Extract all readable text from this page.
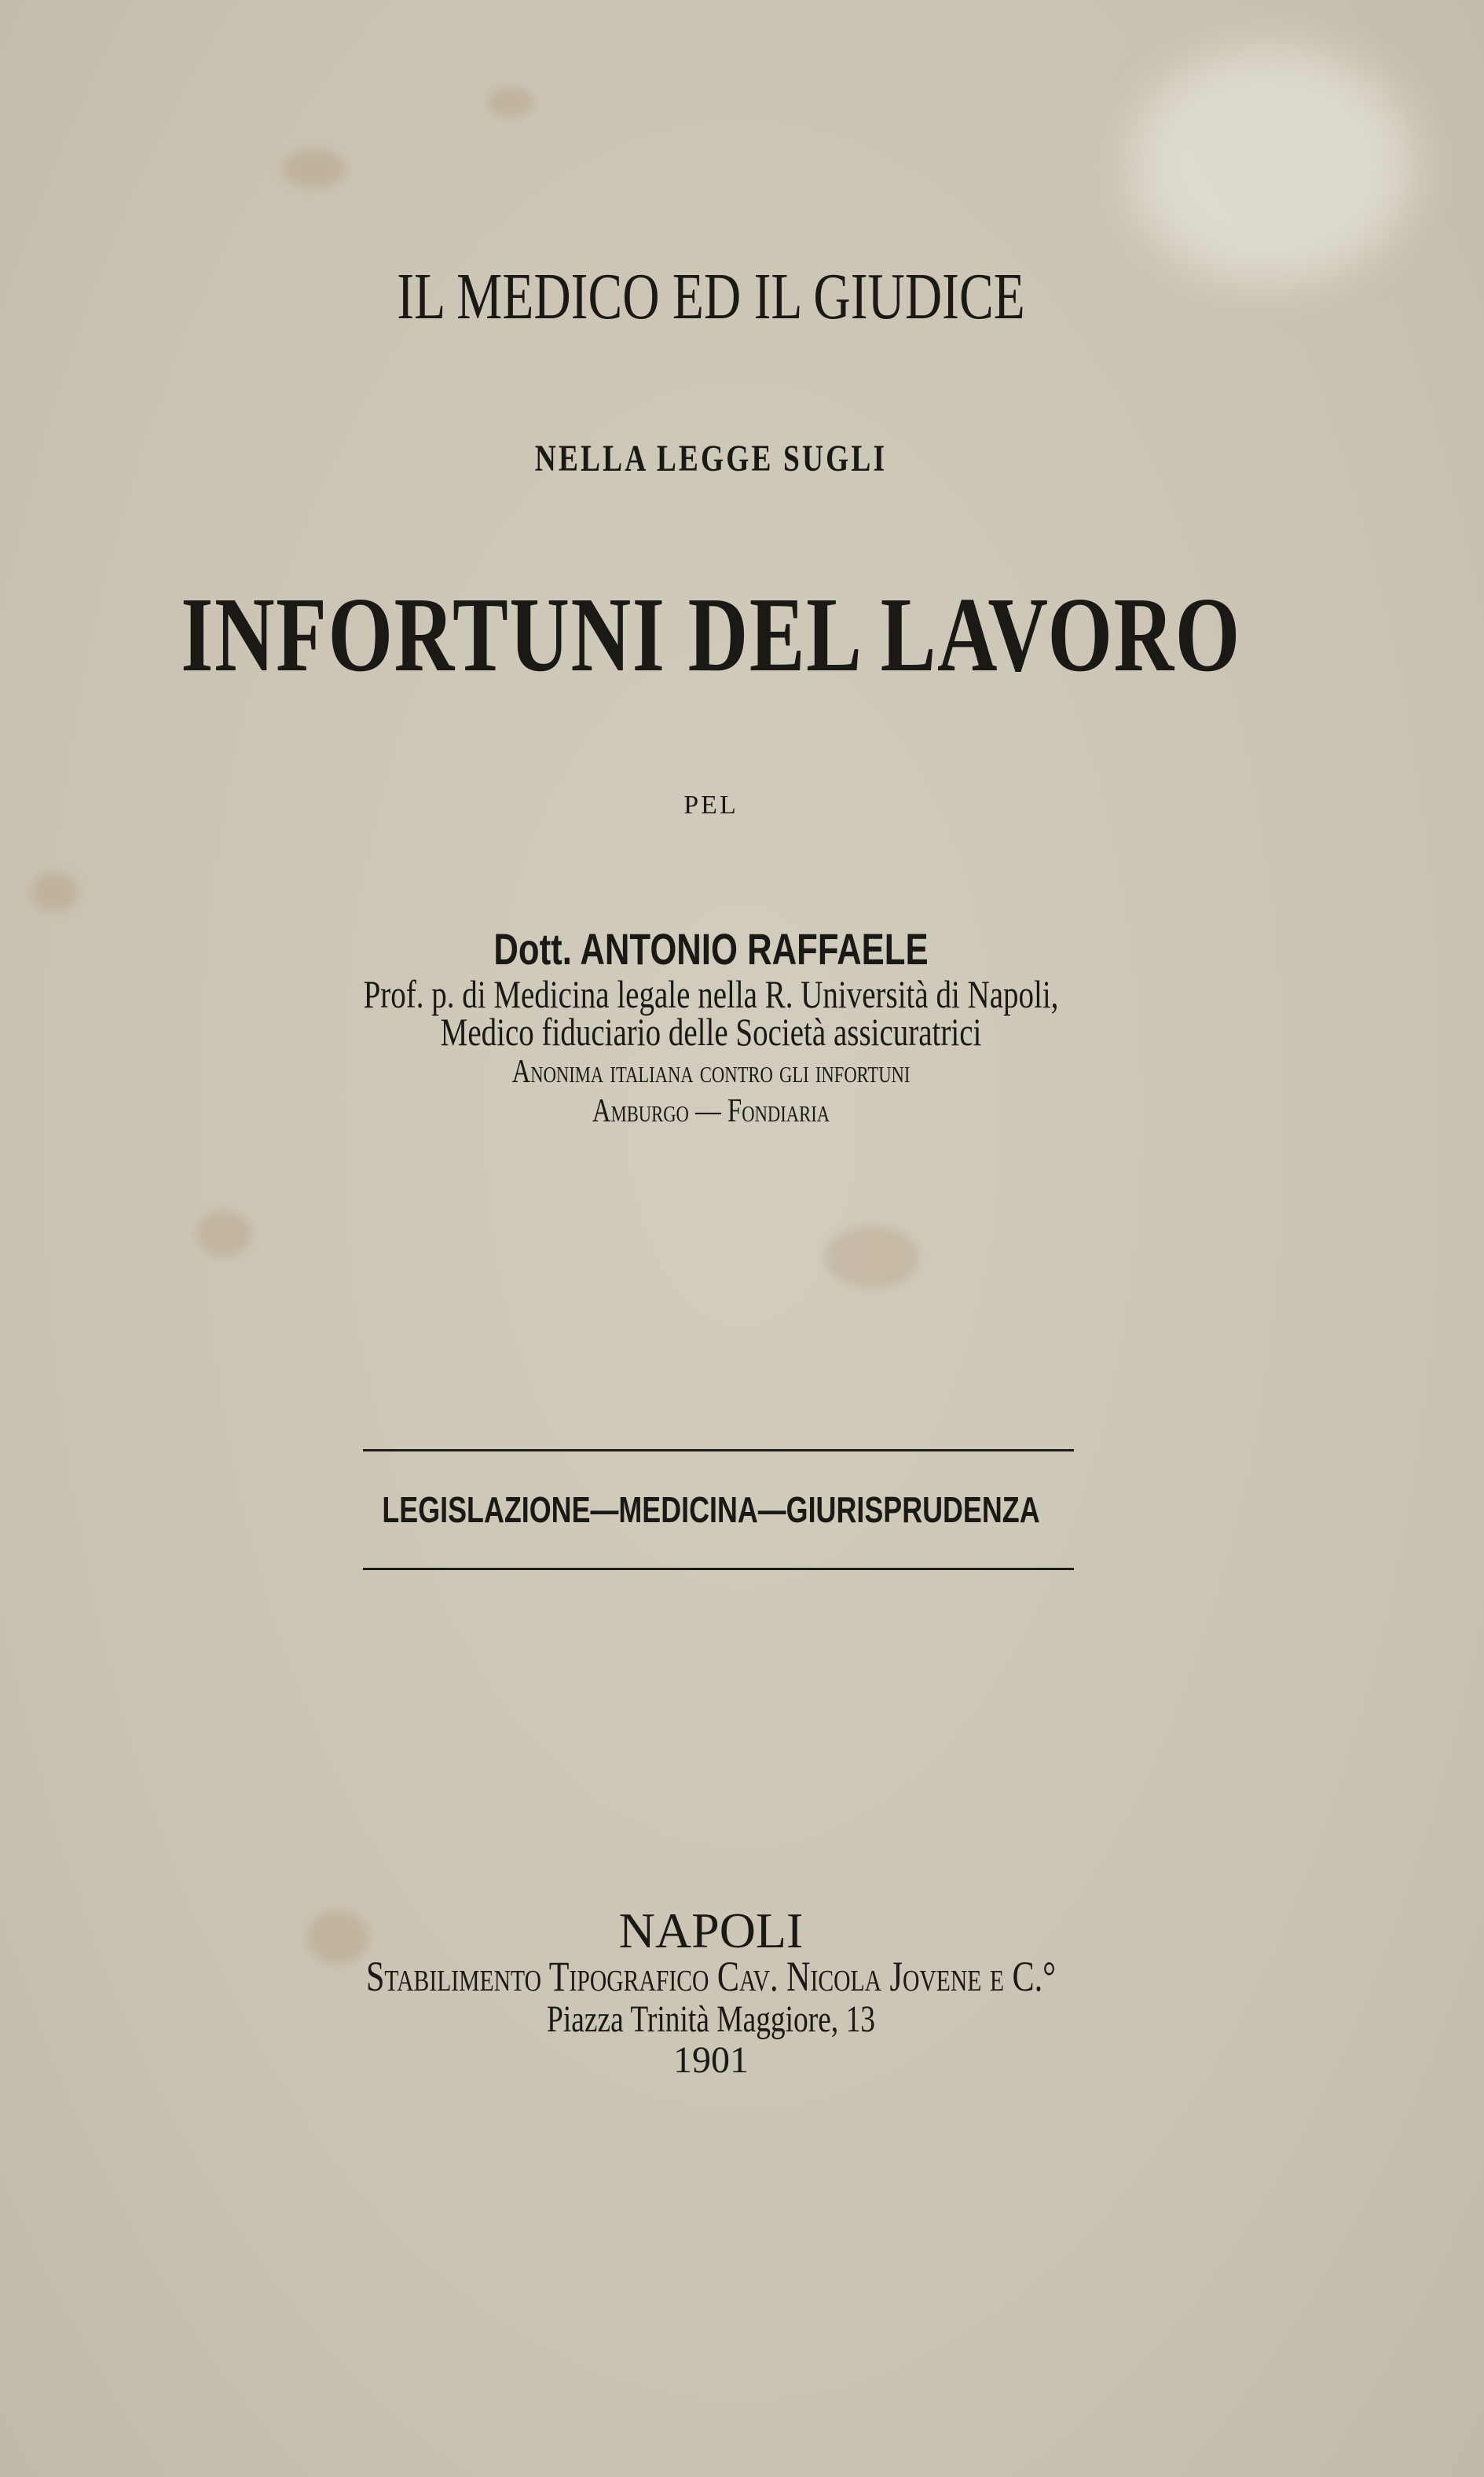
IL MEDICO ED IL GIUDICE
NELLA LEGGE SUGLI
INFORTUNI DEL LAVORO
PEL
Dott. ANTONIO RAFFAELE
Prof. p. di Medicina legale nella R. Università di Napoli,
Medico fiduciario delle Società assicuratrici
Anonima italiana contro gli infortuni
Amburgo — Fondiaria
LEGISLAZIONE—MEDICINA—GIURISPRUDENZA
NAPOLI
Stabilimento Tipografico Cav. Nicola Jovene e C.°
Piazza Trinità Maggiore, 13
1901
